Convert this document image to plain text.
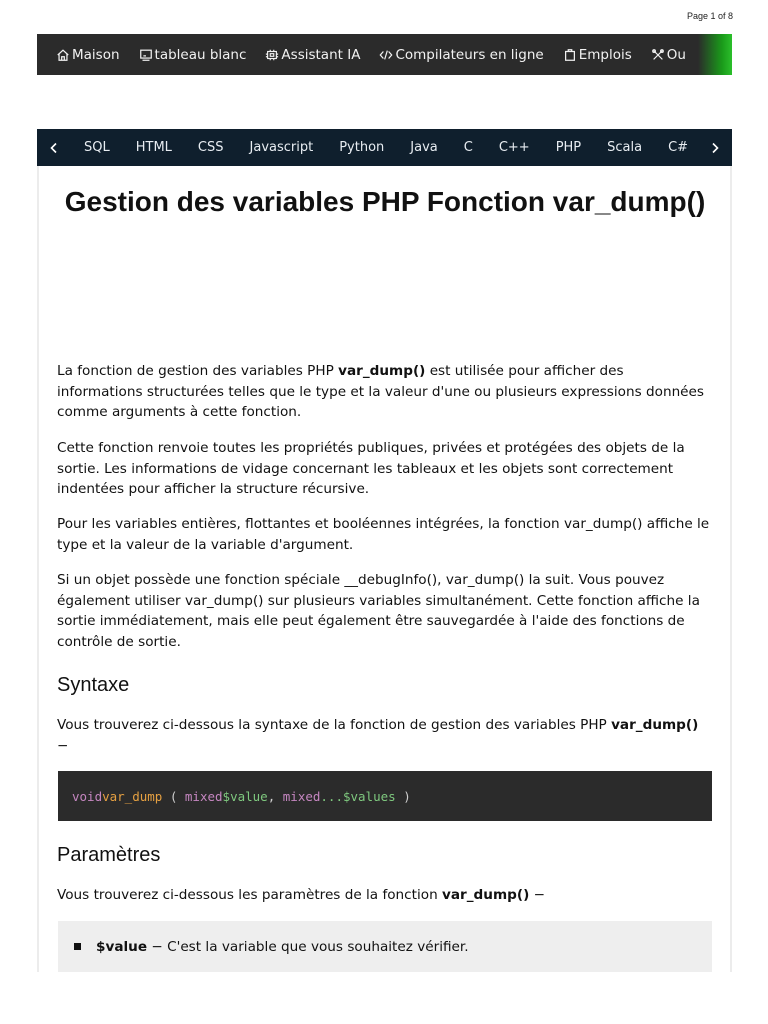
Page 1 of 8
Maison	tableau blanc	Assistant IA	Compilateurs en ligne	Emplois	Ou
SQL	HTML	CSS	Javascript	Python	Java	C	C++	PHP	Scala	C#
Gestion des variables PHP Fonction var_dump()

La fonction de gestion des variables PHP var_dump() est utilisée pour afficher des informations structurées telles que le type et la valeur d'une ou plusieurs expressions données comme arguments à cette fonction.

Cette fonction renvoie toutes les propriétés publiques, privées et protégées des objets de la sortie. Les informations de vidage concernant les tableaux et les objets sont correctement indentées pour afficher la structure récursive.

Pour les variables entières, flottantes et booléennes intégrées, la fonction var_dump() affiche le type et la valeur de la variable d'argument.

Si un objet possède une fonction spéciale __debugInfo(), var_dump() la suit. Vous pouvez également utiliser var_dump() sur plusieurs variables simultanément. Cette fonction affiche la sortie immédiatement, mais elle peut également être sauvegardée à l'aide des fonctions de contrôle de sortie.

Syntaxe

Vous trouverez ci-dessous la syntaxe de la fonction de gestion des variables PHP var_dump() −

void var_dump ( mixed $value , mixed ...$values )
Paramètres

Vous trouverez ci-dessous les paramètres de la fonction var_dump() −

$value − C'est la variable que vous souhaitez vérifier.
